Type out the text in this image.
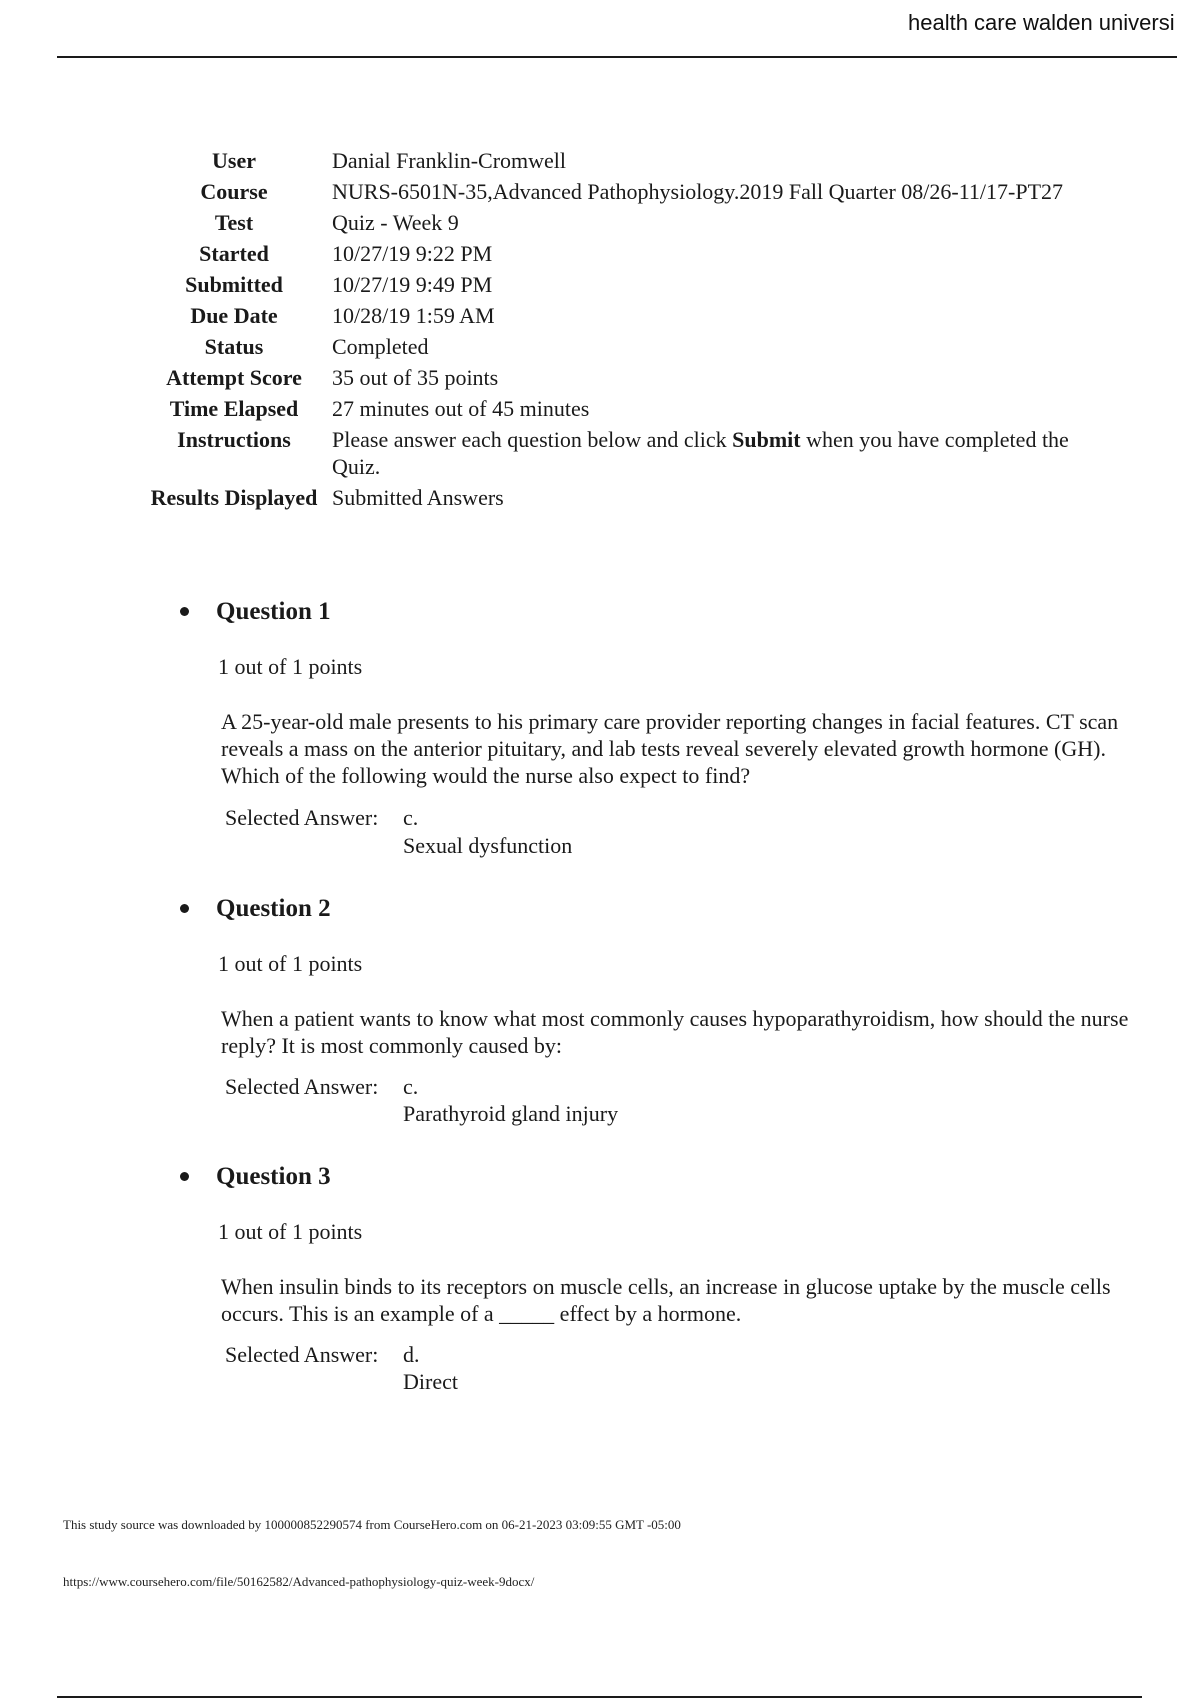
health care walden universi
User	Danial Franklin-Cromwell
Course	NURS-6501N-35,Advanced Pathophysiology.2019 Fall Quarter 08/26-11/17-PT27
Test	Quiz - Week 9
Started	10/27/19 9:22 PM
Submitted	10/27/19 9:49 PM
Due Date	10/28/19 1:59 AM
Status	Completed
Attempt Score	35 out of 35 points
Time Elapsed	27 minutes out of 45 minutes
Instructions	Please answer each question below and click Submit when you have completed the Quiz.
Results Displayed	Submitted Answers
Question 1
1 out of 1 points
A 25-year-old male presents to his primary care provider reporting changes in facial features. CT scan reveals a mass on the anterior pituitary, and lab tests reveal severely elevated growth hormone (GH). Which of the following would the nurse also expect to find?
Selected Answer: c.
Sexual dysfunction
Question 2
1 out of 1 points
When a patient wants to know what most commonly causes hypoparathyroidism, how should the nurse reply? It is most commonly caused by:
Selected Answer: c.
Parathyroid gland injury
Question 3
1 out of 1 points
When insulin binds to its receptors on muscle cells, an increase in glucose uptake by the muscle cells occurs. This is an example of a _____ effect by a hormone.
Selected Answer: d.
Direct
This study source was downloaded by 100000852290574 from CourseHero.com on 06-21-2023 03:09:55 GMT -05:00
https://www.coursehero.com/file/50162582/Advanced-pathophysiology-quiz-week-9docx/
